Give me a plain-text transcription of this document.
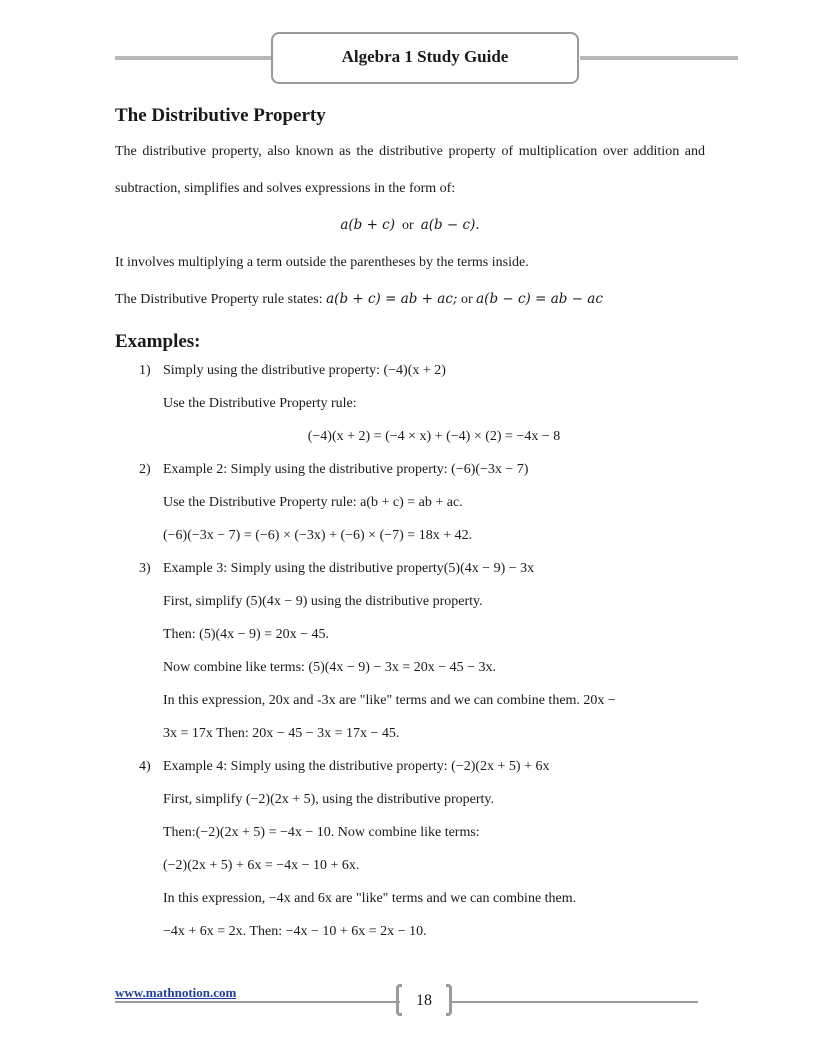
Algebra 1 Study Guide
The Distributive Property

The distributive property, also known as the distributive property of multiplication over addition and subtraction, simplifies and solves expressions in the form of:

a(b + c) or a(b − c).

It involves multiplying a term outside the parentheses by the terms inside.

The Distributive Property rule states: a(b + c) = ab + ac; or a(b − c) = ab − ac

Examples:
1) Simply using the distributive property: (−4)(x + 2)

Use the Distributive Property rule:

(−4)(x + 2) = (−4 × x) + (−4) × (2) = −4x − 8

2) Example 2: Simply using the distributive property: (−6)(−3x − 7)

Use the Distributive Property rule: a(b + c) = ab + ac.

(−6)(−3x − 7) = (−6) × (−3x) + (−6) × (−7) = 18x + 42.

3) Example 3: Simply using the distributive property(5)(4x − 9) − 3x

First, simplify (5)(4x − 9) using the distributive property.

Then: (5)(4x − 9) = 20x − 45.

Now combine like terms: (5)(4x − 9) − 3x = 20x − 45 − 3x.

In this expression, 20x and -3x are "like" terms and we can combine them. 20x −

3x = 17x Then: 20x − 45 − 3x = 17x − 45.

4) Example 4: Simply using the distributive property: (−2)(2x + 5) + 6x

First, simplify (−2)(2x + 5), using the distributive property.

Then:(−2)(2x + 5) = −4x − 10. Now combine like terms:

(−2)(2x + 5) + 6x = −4x − 10 + 6x.

In this expression, −4x and 6x are "like" terms and we can combine them.

−4x + 6x = 2x. Then: −4x − 10 + 6x = 2x − 10.

www.mathnotion.com	18
